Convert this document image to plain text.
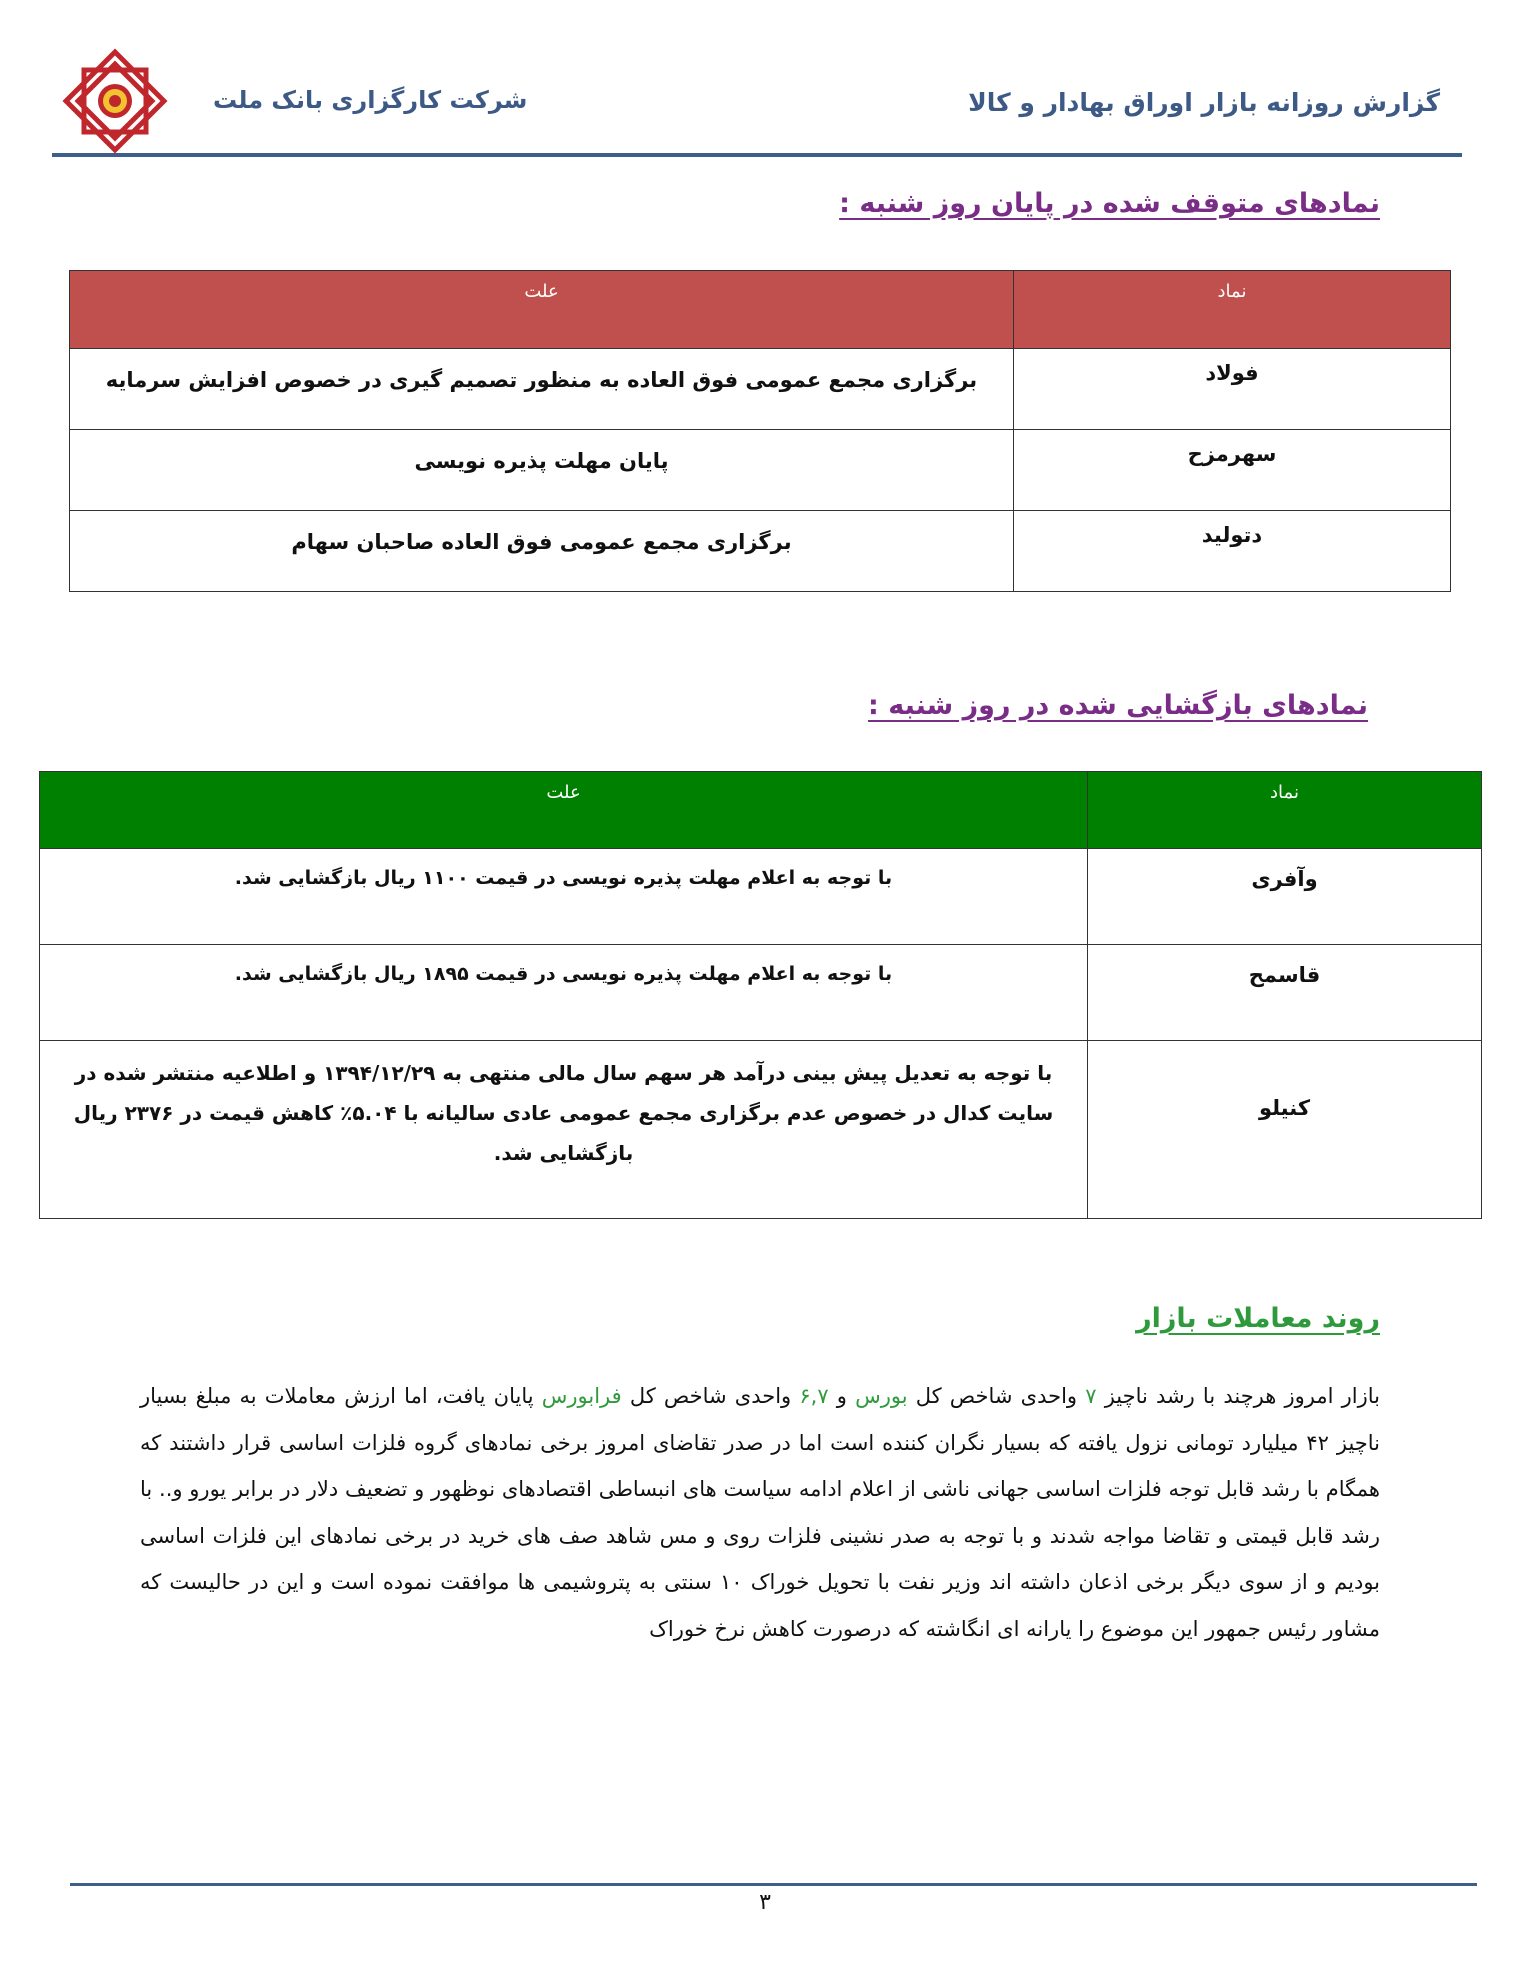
شرکت کارگزاری بانک ملت	گزارش روزانه بازار اوراق بهادار و کالا
نمادهای متوقف شده در پایان روز شنبه :
نماد	علت
فولاد	برگزاری مجمع عمومی فوق العاده به منظور تصمیم گیری در خصوص افزایش سرمایه
سهرمزح	پایان مهلت پذیره نویسی
دتولید	برگزاری مجمع عمومی فوق العاده صاحبان سهام
نمادهای بازگشایی شده در روز شنبه :
نماد	علت
وآفری	با توجه به اعلام مهلت پذیره نویسی در قیمت ۱۱۰۰ ریال بازگشایی شد.
قاسمح	با توجه به اعلام مهلت پذیره نویسی در قیمت ۱۸۹۵ ریال بازگشایی شد.
کنیلو	با توجه به تعدیل پیش بینی درآمد هر سهم سال مالی منتهی به ۱۳۹۴/۱۲/۲۹ و اطلاعیه منتشر شده در سایت کدال در خصوص عدم برگزاری مجمع عمومی عادی سالیانه با ۵.۰۴٪ کاهش قیمت در ۲۳۷۶ ریال بازگشایی شد.
روند معاملات بازار
بازار امروز هرچند با رشد ناچیز ۷ واحدی شاخص کل بورس و ۶,۷ واحدی شاخص کل فرابورس پایان یافت، اما ارزش معاملات به مبلغ بسیار ناچیز ۴۲ میلیارد تومانی نزول یافته که بسیار نگران کننده است اما در صدر تقاضای امروز برخی نمادهای گروه فلزات اساسی قرار داشتند که همگام با رشد قابل توجه فلزات اساسی جهانی ناشی از اعلام ادامه سیاست های انبساطی اقتصادهای نوظهور و تضعیف دلار در برابر یورو و.. با رشد قابل قیمتی و تقاضا مواجه شدند و با توجه به صدر نشینی فلزات روی و مس شاهد صف های خرید در برخی نمادهای این فلزات اساسی بودیم و از سوی دیگر برخی اذعان داشته اند وزیر نفت با تحویل خوراک ۱۰ سنتی به پتروشیمی ها موافقت نموده است و این در حالیست که مشاور رئیس جمهور این موضوع را یارانه ای انگاشته که درصورت کاهش نرخ خوراک
۳
